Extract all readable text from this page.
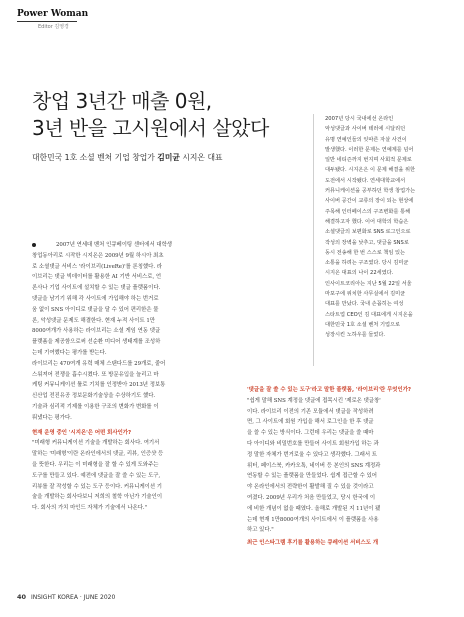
Power Woman
Editor 김영경
창업 3년간 매출 0원,
3년 반을 고시원에서 살았다
대한민국 1호 소셜 벤처 기업 창업가 김미균 시지온 대표
2007년 당시 국내에선 온라인
악성댓글과 사이버 테러에 시달리던
유명 연예인들의 잇따른 자살 사건이
발생했다. 이러한 문제는 연예계를 넘어
일반 네티즌까지 번지며 사회적 문제로
대두됐다. 시지온은 이 문제 해결을 위한
도전에서 시작됐다. 연세대학교에서
커뮤니케이션을 공부하던 학생 창업가는
사이버 공간이 교류의 장이 되는 현상에
주목해 인터페이스의 구조변화를 통해
해결하고자 했다. 이어 대학의 학습은
소셜댓글의 보편화로 SNS 로그인으로
작성의 장벽을 낮추고, 댓글을 SNS로
동시 전송해 한 번 스스로 책임 있는
소통을 하려는 구조였다. 당시 김미균
시지온 대표의 나이 22세였다.
인사이트코리아는 지난 5월 22일 서울
마포구에 위치한 사무실에서 김미균
대표를 만났다. 국내 손꼽히는 여성
스타트업 CEO인 김 대표에게 시지온을
대한민국 1호 소셜 벤처 기업으로
성장시킨 노하우를 들었다.
2007년 연세대 벤처 인큐베이팅 센터에서 대학생
창업동아리로 시작한 시지온은 2009년 9월 하시아 최초
로 소셜댓글 서비스 '라이브리(LiveRe)'를 론칭했다. 라
이브리는 댓글 빅데이터를 활용한 AI 기반 서비스로, 언
론사나 기업 사이트에 설치할 수 있는 댓글 플랫폼이다.
댓글을 남기기 위해 각 사이트에 가입해야 하는 번거로
움 없이 SNS 아이디로 댓글을 달 수 있어 편리한은 물
론, 악성댓글 문제도 해결한다. 현재 누적 사이트 1만
8000여개가 사용하는 라이브리는 소셜 게임 연동 댓글
플랫폼을 제공함으로써 선순환 미디어 생태계를 조성하
는데 기여했다는 평가를 받는다.
라이브리는 470여개 유력 매체 스탠다드를 29개로, 줄어
스워져어 전쟁을 흡수시켰다. 또 방문유입을 늘리고 마
케팅 커뮤니케이션 툴로 기치를 인정받아 2013년 정보통
신산업 전진유공 정보문화기술상을 수상하기도 했다.
기술과 심리적 기제를 이용한 구조의 변화가 변화를 이
뤄냈다는 평가다.
현재 운영 중인 '시지온'은 어떤 회사인가?
"미래형 커뮤니케이션 기술을 개발하는 회사다. 여기서
말하는 '미래형'이란 온라인에서의 댓글, 리뷰, 인증샷 등
을 뜻한다. 우리는 이 미래형을 잘 할 수 있게 도와주는
도구를 만들고 있다. 예전에 댓글을 잘 쓸 수 있는 도구,
리뷰를 잘 작성할 수 있는 도구 등이다. 커뮤니케이션 기
술을 개발하는 회사다보니 저희의 철학 아닌가 기술인이
다. 회사의 가치 마인드 자체가 기술에서 나온다."
'댓글을 잘 쓸 수 있는 도구'라고 말한 플랫폼, '라이브리'란 무엇인가?
"쉽게 말해 SNS 계정을 댓글에 접목시킨 '제로온 댓글창'
이다. 라이브리 이전의 기존 모듈에서 댓글을 작성하려
면, 그 사이트에 회원 가입을 해서 로그인을 한 후 댓글
을 쓸 수 있는 방식이다. 그런데 우리는 댓글을 쓸 때마
다 아이디와 비밀번호를 만들어 사이트 회원가입 하는 과
정 말한 자체가 번거로울 수 있다고 생각했다. 그래서 트
위터, 페이스북, 카카오톡, 네이버 등 본인의 SNS 계정과
연동할 수 있는 플랫폼을 만들었다. 쉽게 접근할 수 있어
야 온라인에서의 전략한이 활발해 질 수 있을 것이라고
여겼다. 2009년 우리가 처음 만들었고, 당시 한국에 이
에 비한 개념이 없을 때였다. 올해로 개발된 지 11년이 됐
는데 현재 1만8000여개의 사이트에서 이 플랫폼을 사용
하고 있다."
최근 인스타그램 후기를 활용하는 큐레이션 서비스도 개
40 INSIGHT KOREA · JUNE 2020
